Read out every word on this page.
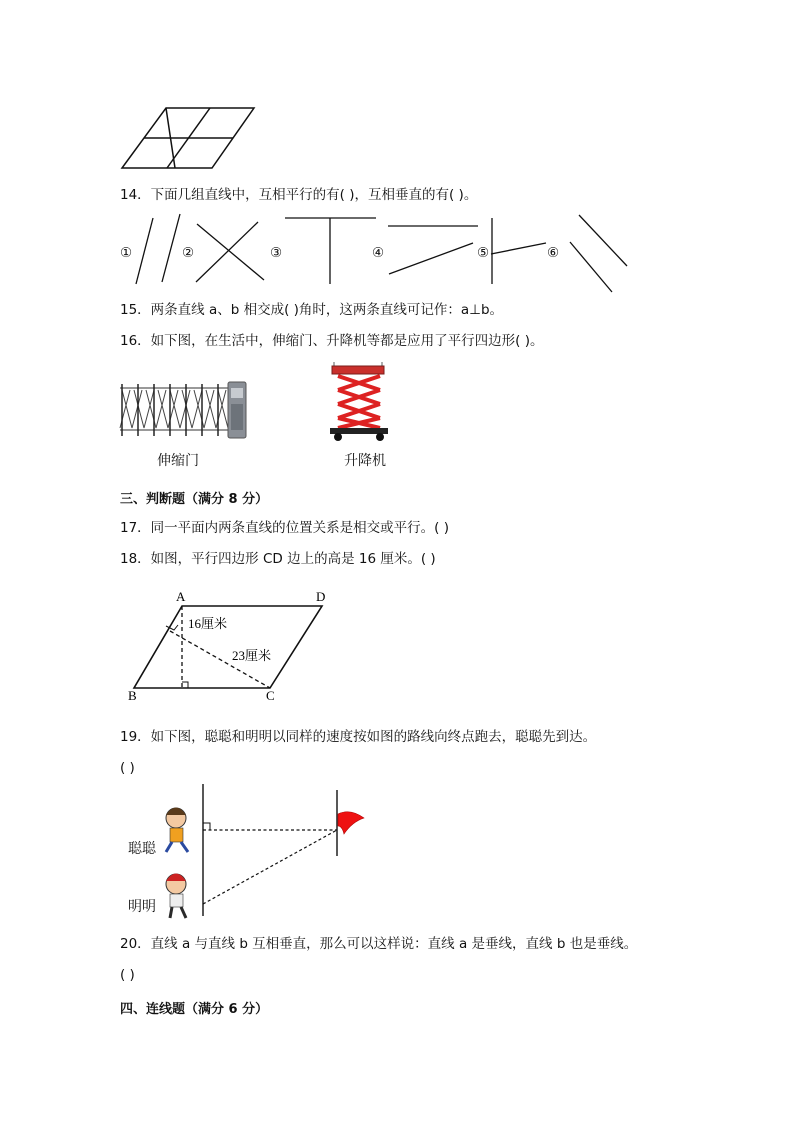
14．下面几组直线中，互相平行的有( )，互相垂直的有( )。
①	②	③	④	⑤	⑥
15．两条直线 a、b 相交成( )角时，这两条直线可记作：a⊥b。
16．如下图，在生活中，伸缩门、升降机等都是应用了平行四边形( )。
伸缩门	升降机
三、判断题（满分 8 分）
17．同一平面内两条直线的位置关系是相交或平行。( )
18．如图，平行四边形 CD 边上的高是 16 厘米。( )
A	D
B	C
16厘米
23厘米
19．如下图，聪聪和明明以同样的速度按如图的路线向终点跑去，聪聪先到达。
( )
聪聪
明明
20．直线 a 与直线 b 互相垂直，那么可以这样说：直线 a 是垂线，直线 b 也是垂线。
( )
四、连线题（满分 6 分）
